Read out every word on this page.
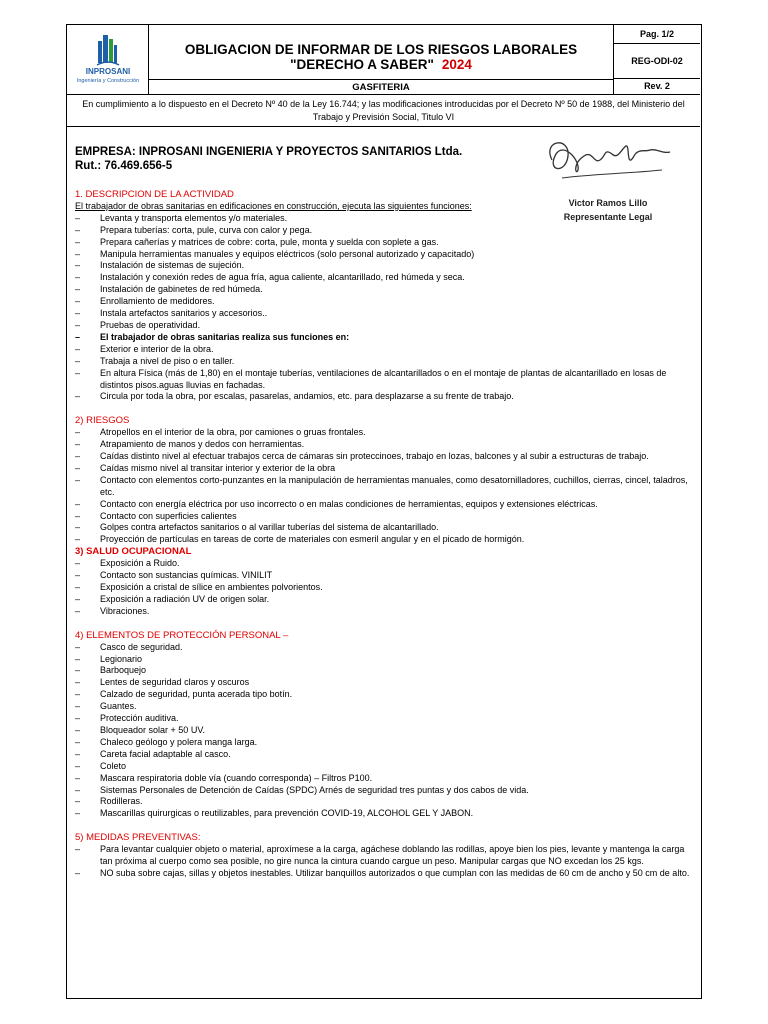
INPROSANI
Ingeniería y Construcción
OBLIGACION DE INFORMAR DE LOS RIESGOS LABORALES
"DERECHO A SABER" 2024
GASFITERIA
Pag. 1/2
REG-ODI-02
Rev. 2
En cumplimiento a lo dispuesto en el Decreto Nº 40 de la Ley 16.744; y las modificaciones introducidas por el Decreto Nº 50 de 1988, del Ministerio del Trabajo y Previsión Social, Titulo VI
EMPRESA: INPROSANI INGENIERIA Y PROYECTOS SANITARIOS Ltda.
Rut.: 76.469.656-5
Victor Ramos Lillo
Representante Legal
1. DESCRIPCION DE LA ACTIVIDAD
El trabajador de obras sanitarias en edificaciones en construcción, ejecuta las siguientes funciones:
–	Levanta y transporta elementos y/o materiales.
–	Prepara tuberías: corta, pule, curva con calor y pega.
–	Prepara cañerías y matrices de cobre: corta, pule, monta y suelda con soplete a gas.
–	Manipula herramientas manuales y equipos eléctricos (solo personal autorizado y capacitado)
–	Instalación de sistemas de sujeción.
–	Instalación y conexión redes de agua fría, agua caliente, alcantarillado, red húmeda y seca.
–	Instalación de gabinetes de red húmeda.
–	Enrollamiento de medidores.
–	Instala artefactos sanitarios y accesorios..
–	Pruebas de operatividad.
–	El trabajador de obras sanitarias realiza sus funciones en:
–	Exterior e interior de la obra.
–	Trabaja a nivel de piso o en taller.
–	En altura Física (más de 1,80) en el montaje tuberías, ventilaciones de alcantarillados o en el montaje de plantas de alcantarillado en losas de distintos pisos.aguas lluvias en fachadas.
–	Circula por toda la obra, por escalas, pasarelas, andamios, etc. para desplazarse a su frente de trabajo.
2) RIESGOS
–	Atropellos en el interior de la obra, por camiones o gruas frontales.
–	Atrapamiento de manos y dedos con herramientas.
–	Caídas distinto nivel al efectuar trabajos cerca de cámaras sin proteccinoes, trabajo en lozas, balcones y al subir a estructuras de trabajo.
–	Caídas mismo nivel al transitar interior y exterior de la obra
–	Contacto con elementos corto-punzantes en la manipulación de herramientas manuales, como desatornilladores, cuchillos, cierras, cincel, taladros, etc.
–	Contacto con energía eléctrica por uso incorrecto o en malas condiciones de herramientas, equipos y extensiones eléctricas.
–	Contacto con superficies calientes
–	Golpes contra artefactos sanitarios o al varillar tuberías del sistema de alcantarillado.
–	Proyección de partículas en tareas de corte de materiales con esmeril angular y en el picado de hormigón.
3) SALUD OCUPACIONAL
–	Exposición a Ruido.
–	Contacto son sustancias químicas. VINILIT
–	Exposición a cristal de sílice en ambientes polvorientos.
–	Exposición a radiación UV de origen solar.
–	Vibraciones.
4) ELEMENTOS DE PROTECCIÓN PERSONAL –
–	Casco de seguridad.
–	Legionario
–	Barboquejo
–	Lentes de seguridad claros y oscuros
–	Calzado de seguridad, punta acerada tipo botín.
–	Guantes.
–	Protección auditiva.
–	Bloqueador solar + 50 UV.
–	Chaleco geólogo y polera manga larga.
–	Careta facial adaptable al casco.
–	Coleto
–	Mascara respiratoria doble vía (cuando corresponda) – Filtros P100.
–	Sistemas Personales de Detención de Caídas (SPDC) Arnés de seguridad tres puntas y dos cabos de vida.
–	Rodilleras.
–	Mascarillas quirurgicas o reutilizables, para prevención COVID-19, ALCOHOL GEL Y JABON.
5) MEDIDAS PREVENTIVAS:
–	Para levantar cualquier objeto o material, aproxímese a la carga, agáchese doblando las rodillas, apoye bien los pies, levante y mantenga la carga tan próxima al cuerpo como sea posible, no gire nunca la cintura cuando cargue un peso. Manipular cargas que NO excedan los 25 kgs.
–	NO suba sobre cajas, sillas y objetos inestables. Utilizar banquillos autorizados o que cumplan con las medidas de 60 cm de ancho y 50 cm de alto.
